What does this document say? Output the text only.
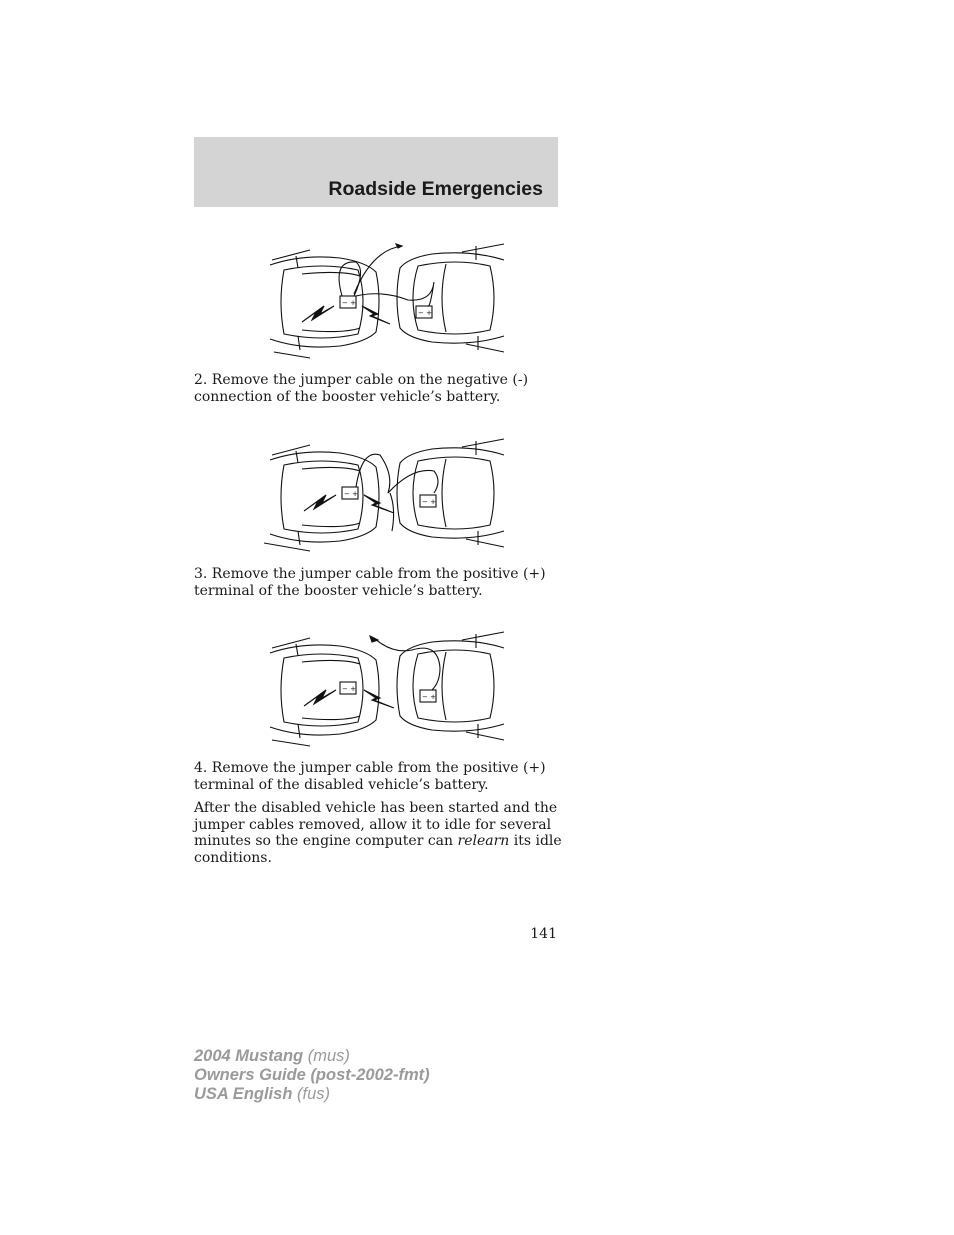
Roadside Emergencies
− +
− +

2. Remove the jumper cable on the negative (-) connection of the booster vehicle’s battery.

− +
− +

3. Remove the jumper cable from the positive (+) terminal of the booster vehicle’s battery.

− +
− +

4. Remove the jumper cable from the positive (+) terminal of the disabled vehicle’s battery.

After the disabled vehicle has been started and the jumper cables removed, allow it to idle for several minutes so the engine computer can relearn its idle conditions.

141
2004 Mustang (mus)
Owners Guide (post-2002-fmt)
USA English (fus)
